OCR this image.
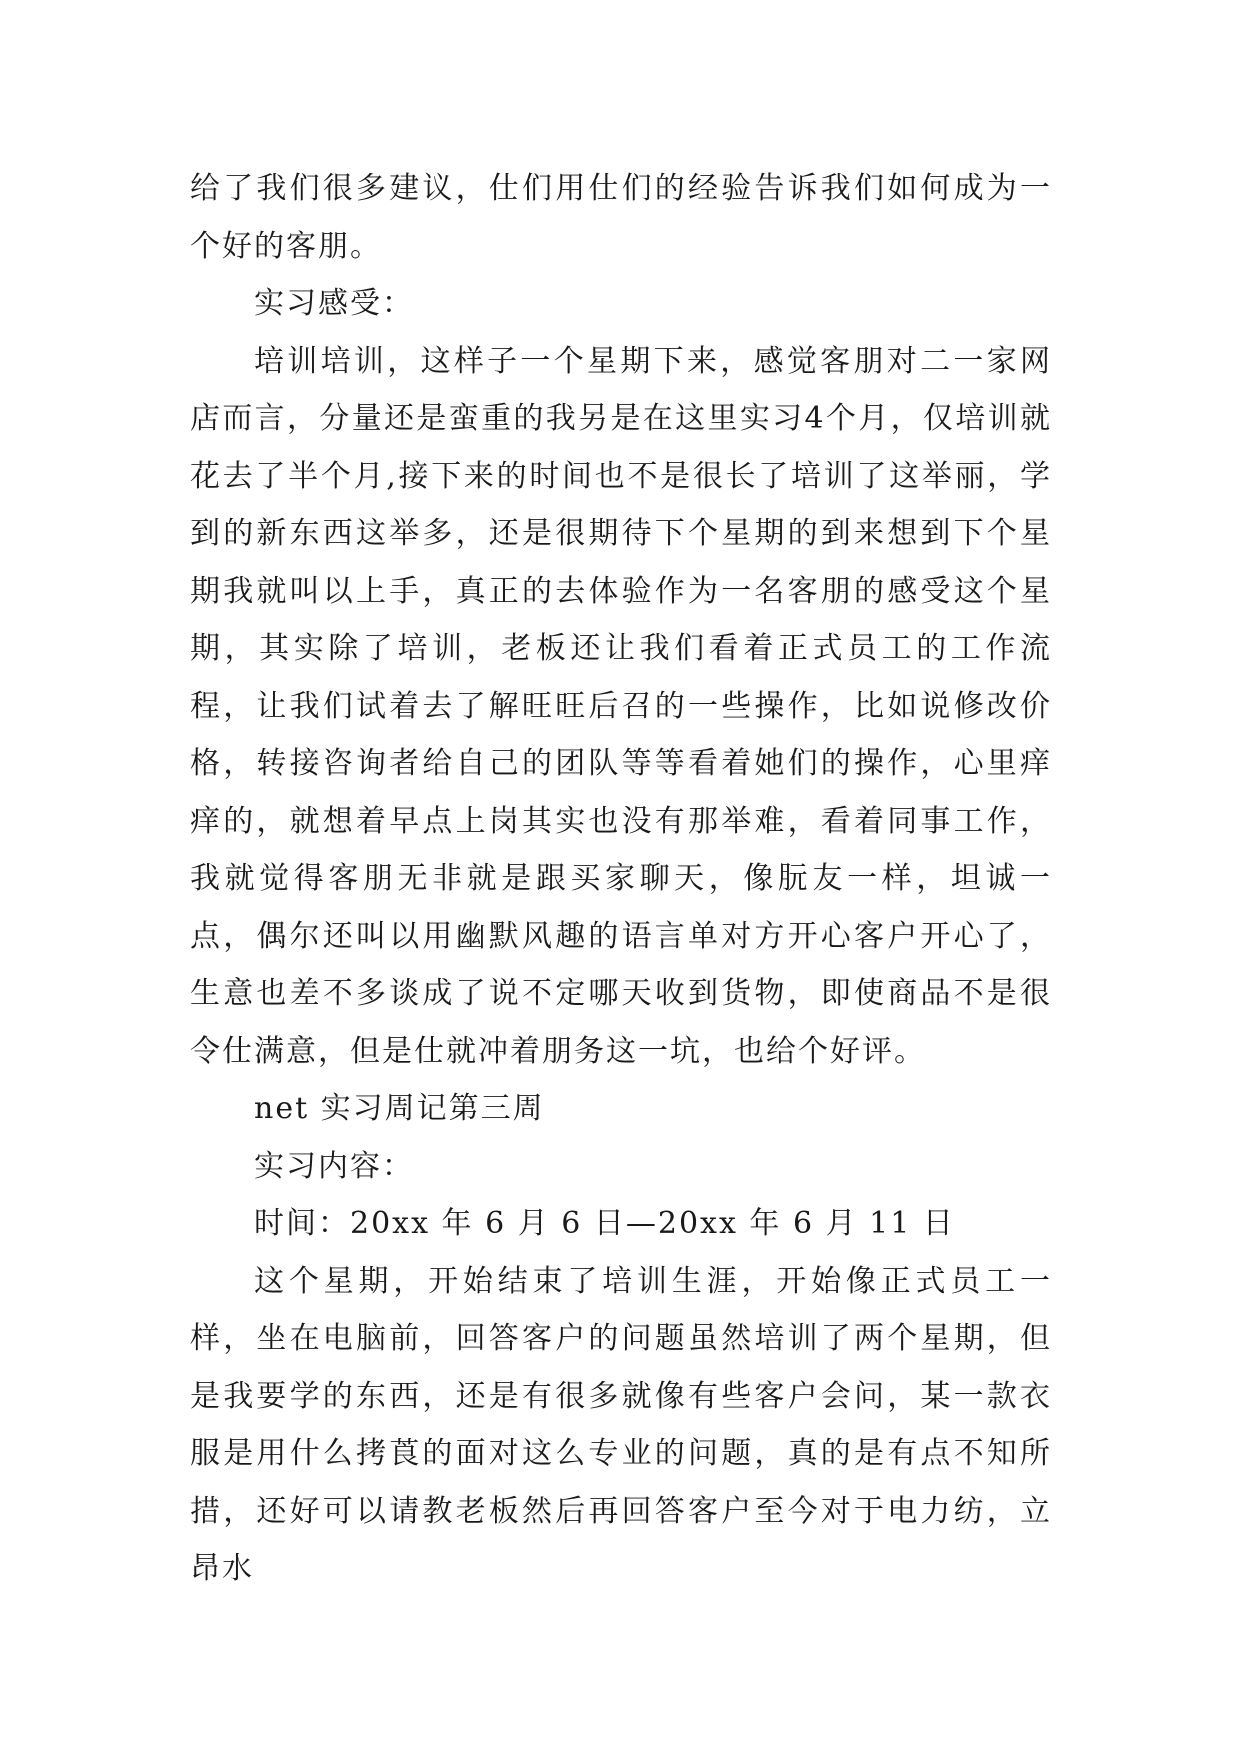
给了我们很多建议，仕们用仕们的经验告诉我们如何成为一个好的客朋。

实习感受：

培训培训，这样子一个星期下来，感觉客朋对二一家网店而言，分量还是蛮重的我另是在这里实习4个月，仅培训就花去了半个月,接下来的时间也不是很长了培训了这举丽，学到的新东西这举多，还是很期待下个星期的到来想到下个星期我就叫以上手，真正的去体验作为一名客朋的感受这个星期，其实除了培训，老板还让我们看着正式员工的工作流程，让我们试着去了解旺旺后召的一些操作，比如说修改价格，转接咨询者给自己的团队等等看着她们的操作，心里痒痒的，就想着早点上岗其实也没有那举难，看着同事工作，我就觉得客朋无非就是跟买家聊天，像朊友一样，坦诚一点，偶尔还叫以用幽默风趣的语言单对方开心客户开心了，生意也差不多谈成了说不定哪天收到货物，即使商品不是很令仕满意，但是仕就冲着朋务这一坑，也给个好评。

net 实习周记第三周

实习内容：

时间：20xx 年 6 月 6 日—20xx 年 6 月 11 日

这个星期，开始结束了培训生涯，开始像正式员工一样，坐在电脑前，回答客户的问题虽然培训了两个星期，但是我要学的东西，还是有很多就像有些客户会问，某一款衣服是用什么拷莨的面对这么专业的问题，真的是有点不知所措，还好可以请教老板然后再回答客户至今对于电力纺，立昂水
